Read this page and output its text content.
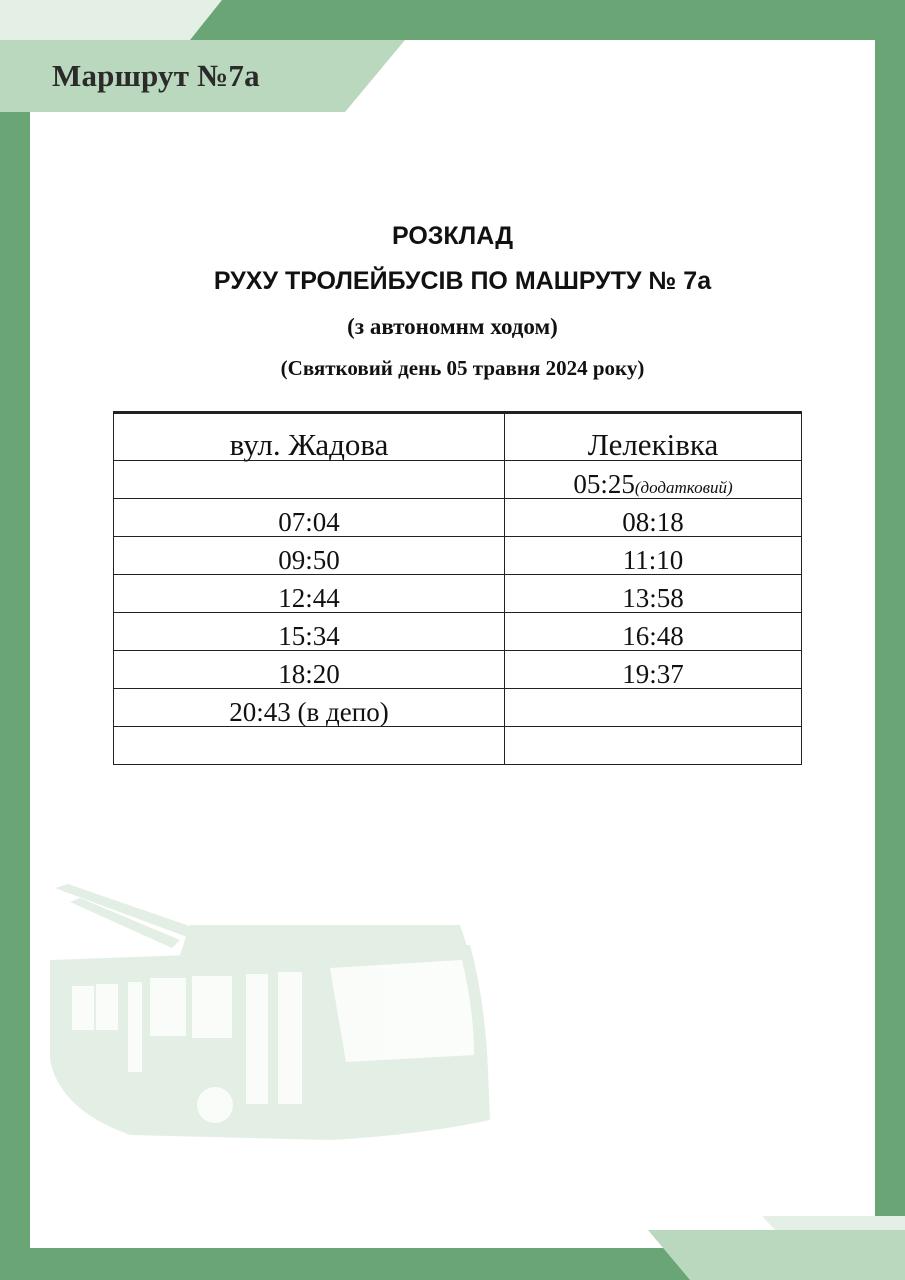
Маршрут №7а
РОЗКЛАД
РУХУ ТРОЛЕЙБУСІВ ПО МАШРУТУ № 7а
(з автономнм ходом)
(Святковий день 05 травня 2024 року)
вул. Жадова	Лелеківка
	05:25(додатковий)
07:04	08:18
09:50	11:10
12:44	13:58
15:34	16:48
18:20	19:37
20:43 (в депо)	
